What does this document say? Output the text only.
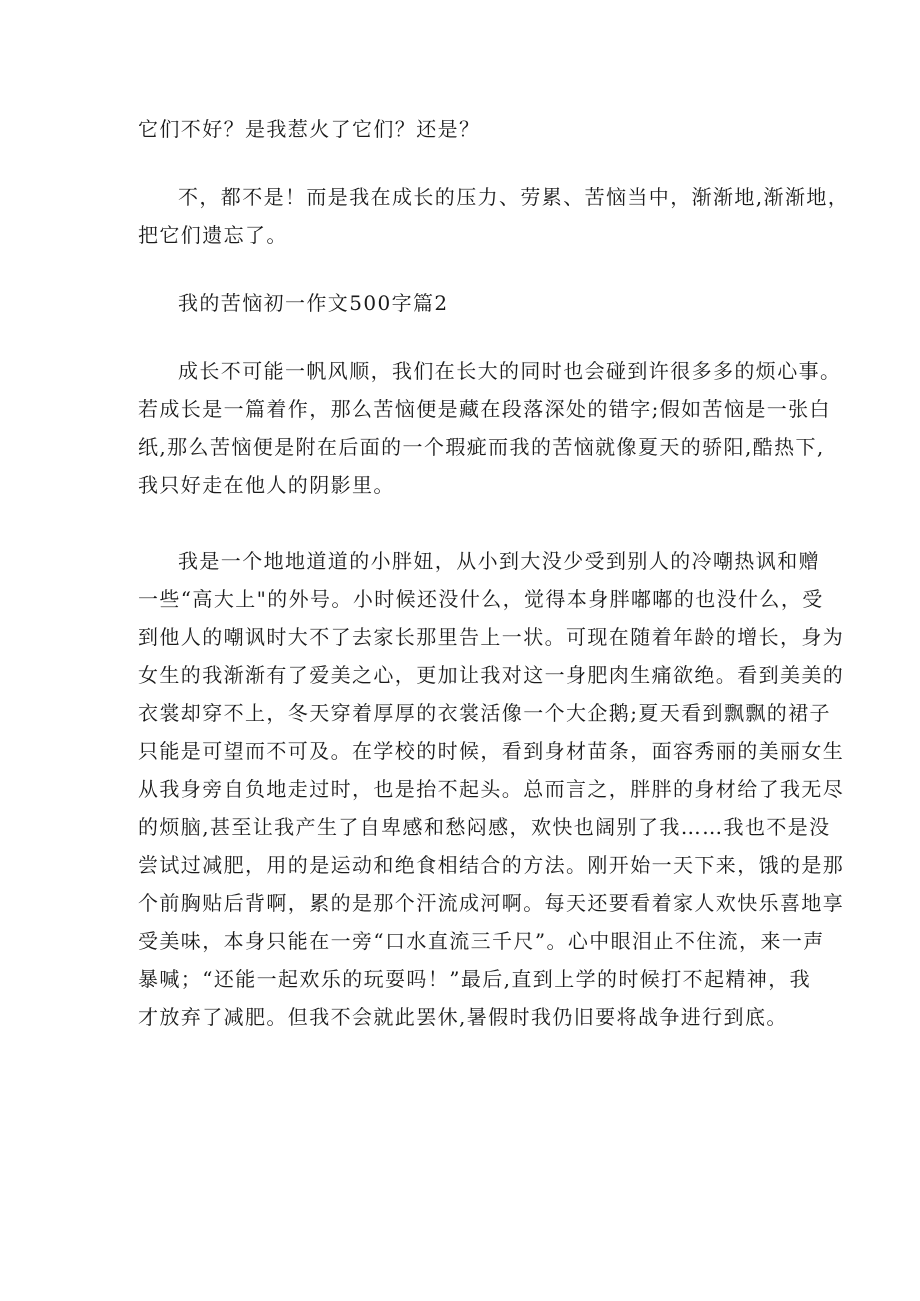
它们不好？是我惹火了它们？还是？
不，都不是！而是我在成长的压力、劳累、苦恼当中，渐渐地,渐渐地，
把它们遗忘了。
我的苦恼初一作文500字篇2
成长不可能一帆风顺，我们在长大的同时也会碰到许很多多的烦心事。
若成长是一篇着作，那么苦恼便是藏在段落深处的错字;假如苦恼是一张白
纸,那么苦恼便是附在后面的一个瑕疵而我的苦恼就像夏天的骄阳,酷热下,
我只好走在他人的阴影里。
我是一个地地道道的小胖妞，从小到大没少受到别人的冷嘲热讽和赠
一些“高大上"的外号。小时候还没什么，觉得本身胖嘟嘟的也没什么，受
到他人的嘲讽时大不了去家长那里告上一状。可现在随着年龄的增长，身为
女生的我渐渐有了爱美之心，更加让我对这一身肥肉生痛欲绝。看到美美的
衣裳却穿不上，冬天穿着厚厚的衣裳活像一个大企鹅;夏天看到飘飘的裙子
只能是可望而不可及。在学校的时候，看到身材苗条，面容秀丽的美丽女生
从我身旁自负地走过时，也是抬不起头。总而言之，胖胖的身材给了我无尽
的烦脑,甚至让我产生了自卑感和愁闷感，欢快也阔别了我……我也不是没
尝试过减肥，用的是运动和绝食相结合的方法。刚开始一天下来，饿的是那
个前胸贴后背啊，累的是那个汗流成河啊。每天还要看着家人欢快乐喜地享
受美味，本身只能在一旁“口水直流三千尺”。心中眼泪止不住流，来一声
暴喊；“还能一起欢乐的玩耍吗！”最后,直到上学的时候打不起精神，我
才放弃了减肥。但我不会就此罢休,暑假时我仍旧要将战争进行到底。
